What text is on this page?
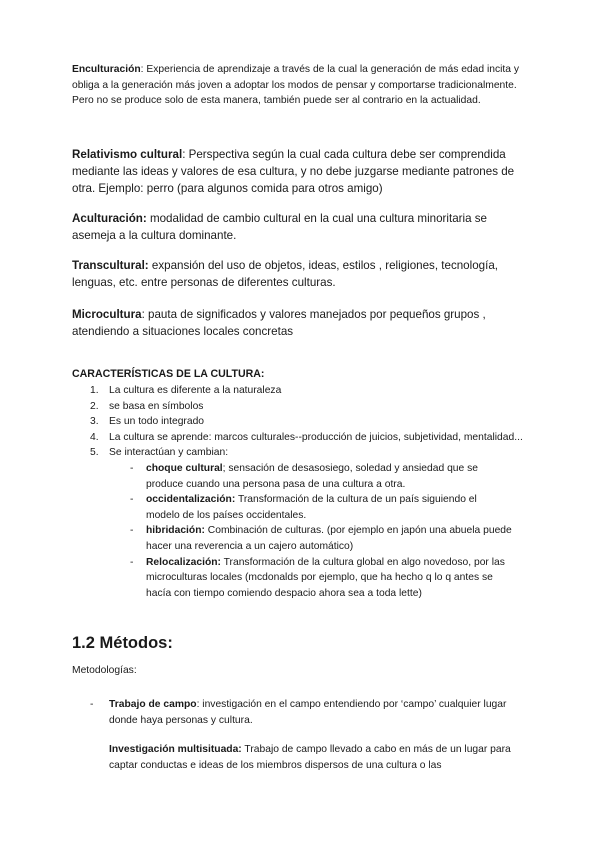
Enculturación: Experiencia de aprendizaje a través de la cual la generación de más edad incita y obliga a la generación más joven a adoptar los modos de pensar y comportarse tradicionalmente. Pero no se produce solo de esta manera, también puede ser al contrario en la actualidad.

Relativismo cultural: Perspectiva según la cual cada cultura debe ser comprendida mediante las ideas y valores de esa cultura, y no debe juzgarse mediante patrones de otra. Ejemplo: perro (para algunos comida para otros amigo)

Aculturación: modalidad de cambio cultural en la cual una cultura minoritaria se asemeja a la cultura dominante.

Transcultural: expansión del uso de objetos, ideas, estilos , religiones, tecnología, lenguas, etc. entre personas de diferentes culturas.

Microcultura: pauta de significados y valores manejados por pequeños grupos , atendiendo a situaciones locales concretas

CARACTERÍSTICAS DE LA CULTURA:
1. La cultura es diferente a la naturaleza
2. se basa en símbolos
3. Es un todo integrado
4. La cultura se aprende: marcos culturales--producción de juicios, subjetividad, mentalidad...
5. Se interactúan y cambian:
- choque cultural; sensación de desasosiego, soledad y ansiedad que se produce cuando una persona pasa de una cultura a otra.
- occidentalización: Transformación de la cultura de un país siguiendo el modelo de los países occidentales.
- hibridación: Combinación de culturas. (por ejemplo en japón una abuela puede hacer una reverencia a un cajero automático)
- Relocalización: Transformación de la cultura global en algo novedoso, por las microculturas locales (mcdonalds por ejemplo, que ha hecho q lo q antes se hacía con tiempo comiendo despacio ahora sea a toda lette)
1.2 Métodos:
Metodologías:
- Trabajo de campo: investigación en el campo entendiendo por ‘campo’ cualquier lugar donde haya personas y cultura.
Investigación multisituada: Trabajo de campo llevado a cabo en más de un lugar para captar conductas e ideas de los miembros dispersos de una cultura o las
